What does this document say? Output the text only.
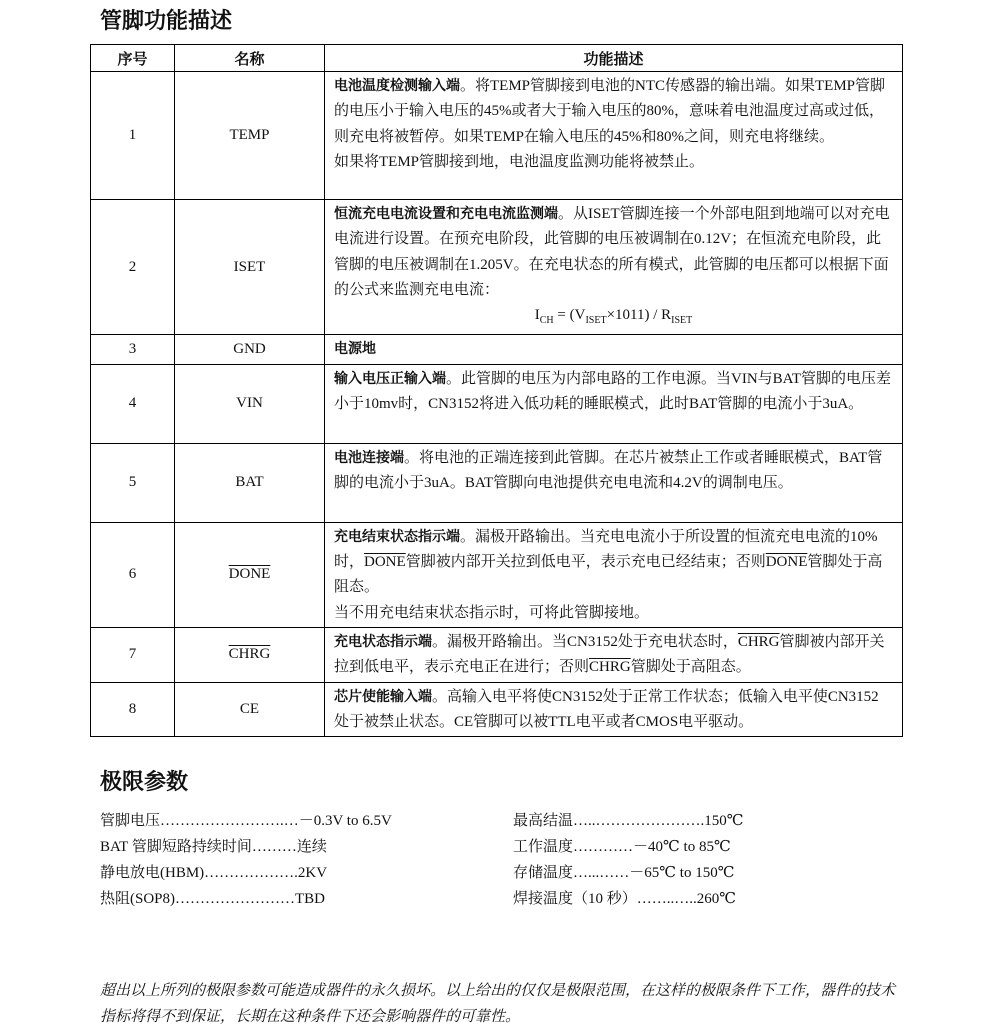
管脚功能描述
序号	名称	功能描述
1	TEMP	电池温度检测输入端。将TEMP管脚接到电池的NTC传感器的输出端。如果TEMP管脚的电压小于输入电压的45%或者大于输入电压的80%，意味着电池温度过高或过低，则充电将被暂停。如果TEMP在输入电压的45%和80%之间，则充电将继续。
如果将TEMP管脚接到地，电池温度监测功能将被禁止。
2	ISET	恒流充电电流设置和充电电流监测端。从ISET管脚连接一个外部电阻到地端可以对充电电流进行设置。在预充电阶段，此管脚的电压被调制在0.12V；在恒流充电阶段，此管脚的电压被调制在1.205V。在充电状态的所有模式，此管脚的电压都可以根据下面的公式来监测充电电流：
$I_{CH} = (V_{ISET}\times 1011) / R_{ISET}$

3	GND	电源地
4	VIN	输入电压正输入端。此管脚的电压为内部电路的工作电源。当VIN与BAT管脚的电压差小于10mv时，CN3152将进入低功耗的睡眠模式，此时BAT管脚的电流小于3uA。
5	BAT	电池连接端。将电池的正端连接到此管脚。在芯片被禁止工作或者睡眠模式，BAT管脚的电流小于3uA。BAT管脚向电池提供充电电流和4.2V的调制电压。
6	DONE	充电结束状态指示端。漏极开路输出。当充电电流小于所设置的恒流充电电流的10%时，DONE管脚被内部开关拉到低电平，表示充电已经结束；否则DONE管脚处于高阻态。
当不用充电结束状态指示时，可将此管脚接地。
7	CHRG	充电状态指示端。漏极开路输出。当CN3152处于充电状态时，CHRG管脚被内部开关拉到低电平，表示充电正在进行；否则CHRG管脚处于高阻态。
8	CE	芯片使能输入端。高输入电平将使CN3152处于正常工作状态；低输入电平使CN3152处于被禁止状态。CE管脚可以被TTL电平或者CMOS电平驱动。
极限参数
管脚电压…………………….…－0.3V to 6.5V
BAT 管脚短路持续时间………连续
静电放电(HBM)……………….2KV
热阻(SOP8)……………………TBD
最高结温…..………………….150℃
工作温度…………－40℃ to 85℃
存储温度…...……－65℃ to 150℃
焊接温度（10 秒）……..…..260℃

超出以上所列的极限参数可能造成器件的永久损坏。以上给出的仅仅是极限范围，在这样的极限条件下工作，器件的技术指标将得不到保证，长期在这种条件下还会影响器件的可靠性。
